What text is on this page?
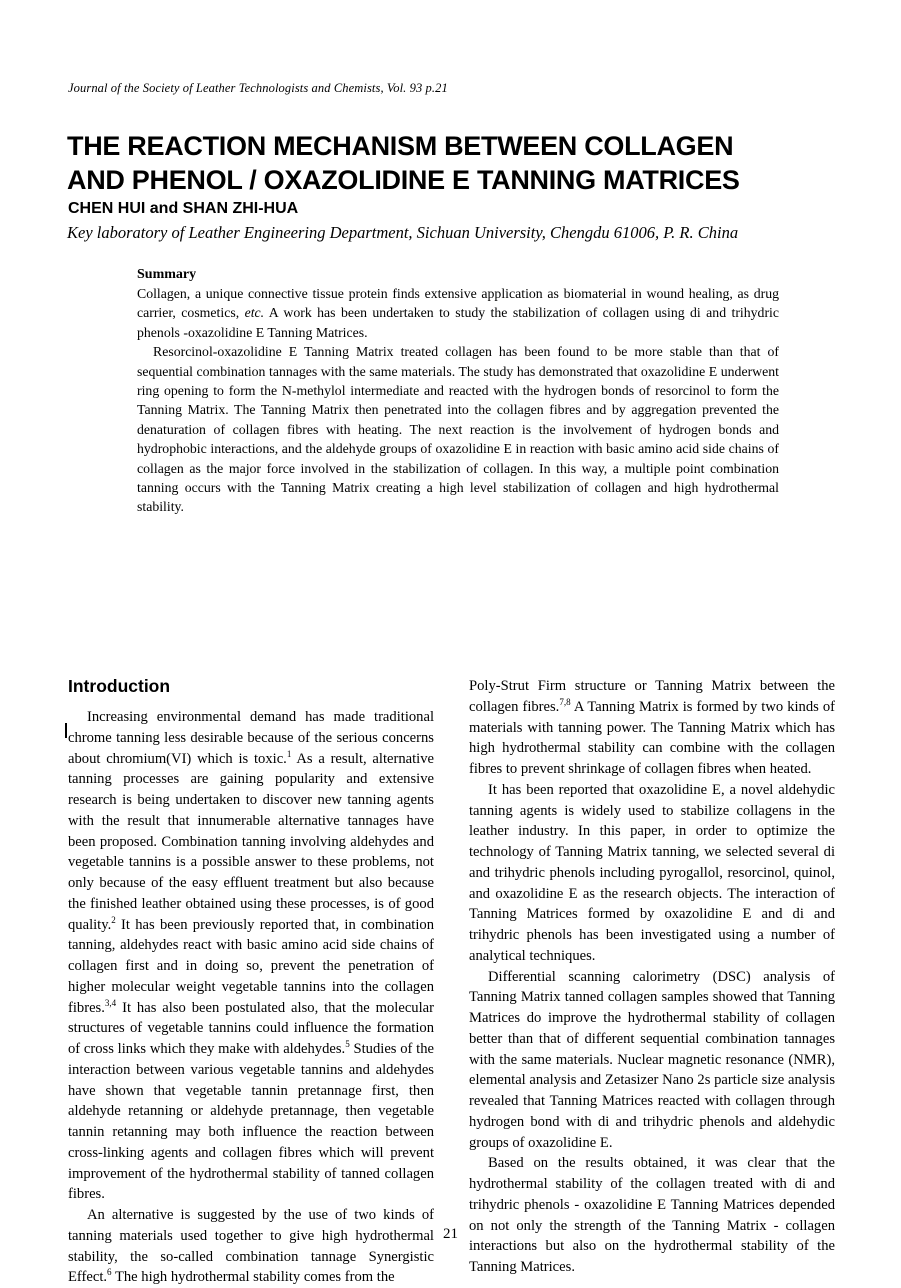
Journal of the Society of Leather Technologists and Chemists, Vol. 93 p.21
THE REACTION MECHANISM BETWEEN COLLAGEN
AND PHENOL / OXAZOLIDINE E TANNING MATRICES
CHEN HUI and SHAN ZHI-HUA
Key laboratory of Leather Engineering Department, Sichuan University, Chengdu 61006, P. R. China

Summary

Collagen, a unique connective tissue protein finds extensive application as biomaterial in wound healing, as drug carrier, cosmetics, etc. A work has been undertaken to study the stabilization of collagen using di and trihydric phenols -oxazolidine E Tanning Matrices.

Resorcinol-oxazolidine E Tanning Matrix treated collagen has been found to be more stable than that of sequential combination tannages with the same materials. The study has demonstrated that oxazolidine E underwent ring opening to form the N-methylol intermediate and reacted with the hydrogen bonds of resorcinol to form the Tanning Matrix. The Tanning Matrix then penetrated into the collagen fibres and by aggregation prevented the denaturation of collagen fibres with heating. The next reaction is the involvement of hydrogen bonds and hydrophobic interactions, and the aldehyde groups of oxazolidine E in reaction with basic amino acid side chains of collagen as the major force involved in the stabilization of collagen. In this way, a multiple point combination tanning occurs with the Tanning Matrix creating a high level stabilization of collagen and high hydrothermal stability.

Introduction

Increasing environmental demand has made traditional chrome tanning less desirable because of the serious concerns about chromium(VI) which is toxic.$^1$ As a result, alternative tanning processes are gaining popularity and extensive research is being undertaken to discover new tanning agents with the result that innumerable alternative tannages have been proposed. Combination tanning involving aldehydes and vegetable tannins is a possible answer to these problems, not only because of the easy effluent treatment but also because the finished leather obtained using these processes, is of good quality.$^2$ It has been previously reported that, in combination tanning, aldehydes react with basic amino acid side chains of collagen first and in doing so, prevent the penetration of higher molecular weight vegetable tannins into the collagen fibres.$^{3,4}$ It has also been postulated also, that the molecular structures of vegetable tannins could influence the formation of cross links which they make with aldehydes.$^5$ Studies of the interaction between various vegetable tannins and aldehydes have shown that vegetable tannin pretannage first, then aldehyde retanning or aldehyde pretannage, then vegetable tannin retanning may both influence the reaction between cross-linking agents and collagen fibres which will prevent improvement of the hydrothermal stability of tanned collagen fibres.

An alternative is suggested by the use of two kinds of tanning materials used together to give high hydrothermal stability, the so-called combination tannage Synergistic Effect.$^6$ The high hydrothermal stability comes from the

Poly-Strut Firm structure or Tanning Matrix between the collagen fibres.$^{7,8}$ A Tanning Matrix is formed by two kinds of materials with tanning power. The Tanning Matrix which has high hydrothermal stability can combine with the collagen fibres to prevent shrinkage of collagen fibres when heated.

It has been reported that oxazolidine E, a novel aldehydic tanning agents is widely used to stabilize collagens in the leather industry. In this paper, in order to optimize the technology of Tanning Matrix tanning, we selected several di and trihydric phenols including pyrogallol, resorcinol, quinol, and oxazolidine E as the research objects. The interaction of Tanning Matrices formed by oxazolidine E and di and trihydric phenols has been investigated using a number of analytical techniques.

Differential scanning calorimetry (DSC) analysis of Tanning Matrix tanned collagen samples showed that Tanning Matrices do improve the hydrothermal stability of collagen better than that of different sequential combination tannages with the same materials. Nuclear magnetic resonance (NMR), elemental analysis and Zetasizer Nano 2s particle size analysis revealed that Tanning Matrices reacted with collagen through hydrogen bond with di and trihydric phenols and aldehydic groups of oxazolidine E.

Based on the results obtained, it was clear that the hydrothermal stability of the collagen treated with di and trihydric phenols - oxazolidine E Tanning Matrices depended on not only the strength of the Tanning Matrix - collagen interactions but also on the hydrothermal stability of the Tanning Matrices.

21
